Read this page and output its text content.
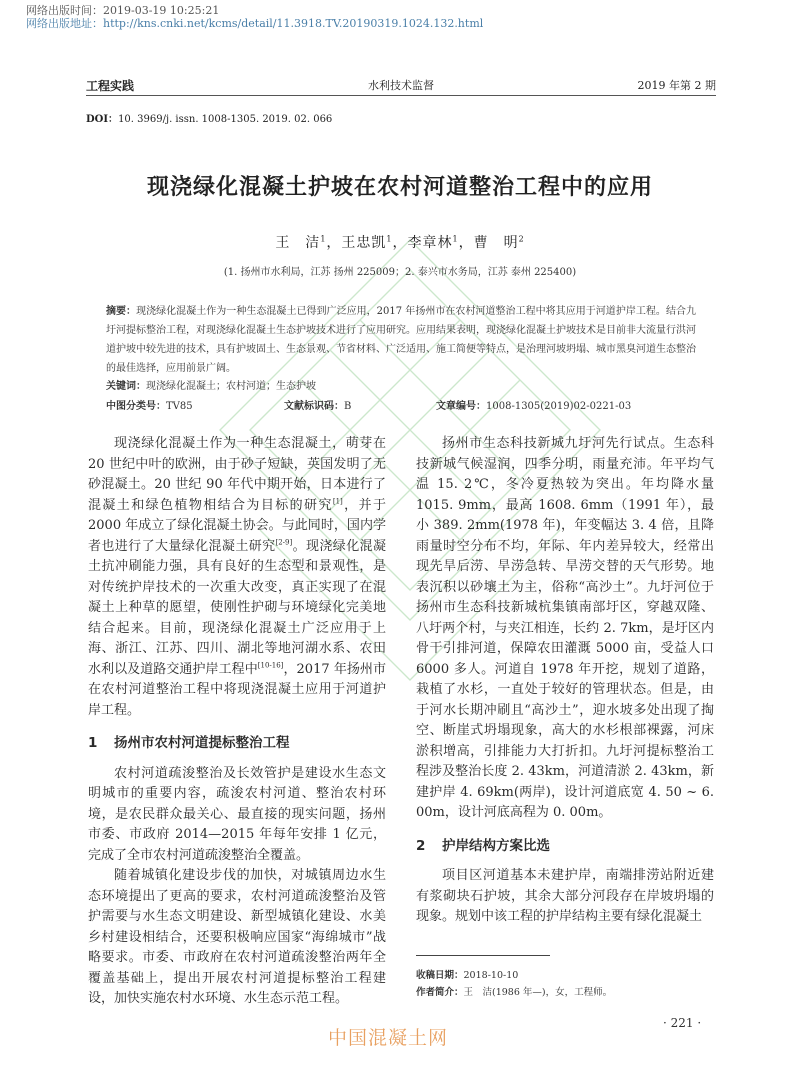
网络出版时间：2019-03-19 10:25:21
网络出版地址：http://kns.cnki.net/kcms/detail/11.3918.TV.20190319.1024.132.html
工程实践	水利技术监督	2019 年第 2 期
DOI：10. 3969/j. issn. 1008-1305. 2019. 02. 066
现浇绿化混凝土护坡在农村河道整治工程中的应用
王　洁$^1$，王忠凯$^1$，李章林$^1$，曹　明$^2$
(1. 扬州市水利局，江苏 扬州 225009；2. 泰兴市水务局，江苏 泰州 225400)
摘要：现浇绿化混凝土作为一种生态混凝土已得到广泛应用，2017 年扬州市在农村河道整治工程中将其应用于河道护岸工程。结合九圩河提标整治工程，对现浇绿化混凝土生态护坡技术进行了应用研究。应用结果表明，现浇绿化混凝土护坡技术是目前非大流量行洪河道护坡中较先进的技术，具有护坡固土、生态景观、节省材料、广泛适用、施工简便等特点，是治理河坡坍塌、城市黑臭河道生态整治的最佳选择，应用前景广阔。
关键词：现浇绿化混凝土；农村河道；生态护坡
中图分类号：TV85	文献标识码：B	文章编号：1008-1305(2019)02-0221-03

现浇绿化混凝土作为一种生态混凝土，萌芽在 20 世纪中叶的欧洲，由于砂子短缺，英国发明了无砂混凝土。20 世纪 90 年代中期开始，日本进行了混凝土和绿色植物相结合为目标的研究[1]，并于 2000 年成立了绿化混凝土协会。与此同时，国内学者也进行了大量绿化混凝土研究[2-9]。现浇绿化混凝土抗冲刷能力强，具有良好的生态型和景观性，是对传统护岸技术的一次重大改变，真正实现了在混凝土上种草的愿望，使刚性护砌与环境绿化完美地结合起来。目前，现浇绿化混凝土广泛应用于上海、浙江、江苏、四川、湖北等地河湖水系、农田水利以及道路交通护岸工程中[10-16]，2017 年扬州市在农村河道整治工程中将现浇混凝土应用于河道护岸工程。

1 扬州市农村河道提标整治工程

农村河道疏浚整治及长效管护是建设水生态文明城市的重要内容，疏浚农村河道、整治农村环境，是农民群众最关心、最直接的现实问题，扬州市委、市政府 2014—2015 年每年安排 1 亿元，完成了全市农村河道疏浚整治全覆盖。

随着城镇化建设步伐的加快，对城镇周边水生态环境提出了更高的要求，农村河道疏浚整治及管护需要与水生态文明建设、新型城镇化建设、水美乡村建设相结合，还要积极响应国家“海绵城市”战略要求。市委、市政府在农村河道疏浚整治两年全覆盖基础上，提出开展农村河道提标整治工程建设，加快实施农村水环境、水生态示范工程。

扬州市生态科技新城九圩河先行试点。生态科技新城气候湿润，四季分明，雨量充沛。年平均气温 15. 2℃，冬冷夏热较为突出。年均降水量 1015. 9mm，最高 1608. 6mm（1991 年），最小 389. 2mm(1978 年)，年变幅达 3. 4 倍，且降雨量时空分布不均，年际、年内差异较大，经常出现先旱后涝、旱涝急转、旱涝交替的天气形势。地表沉积以砂壤土为主，俗称“高沙土”。九圩河位于扬州市生态科技新城杭集镇南部圩区，穿越双隆、八圩两个村，与夹江相连，长约 2. 7km，是圩区内骨干引排河道，保障农田灌溉 5000 亩，受益人口 6000 多人。河道自 1978 年开挖，规划了道路，栽植了水杉，一直处于较好的管理状态。但是，由于河水长期冲刷且“高沙土”，迎水坡多处出现了掏空、断崖式坍塌现象，高大的水杉根部裸露，河床淤积增高，引排能力大打折扣。九圩河提标整治工程涉及整治长度 2. 43km，河道清淤 2. 43km，新建护岸 4. 69km(两岸)，设计河道底宽 4. 50 ~ 6. 00m，设计河底高程为 0. 00m。

2 护岸结构方案比选

项目区河道基本未建护岸，南端排涝站附近建有浆砌块石护坡，其余大部分河段存在岸坡坍塌的现象。规划中该工程的护岸结构主要有绿化混凝土

收稿日期：2018-10-10
作者简介：王　洁(1986 年—)，女，工程师。
· 221 ·
中国混凝土网
